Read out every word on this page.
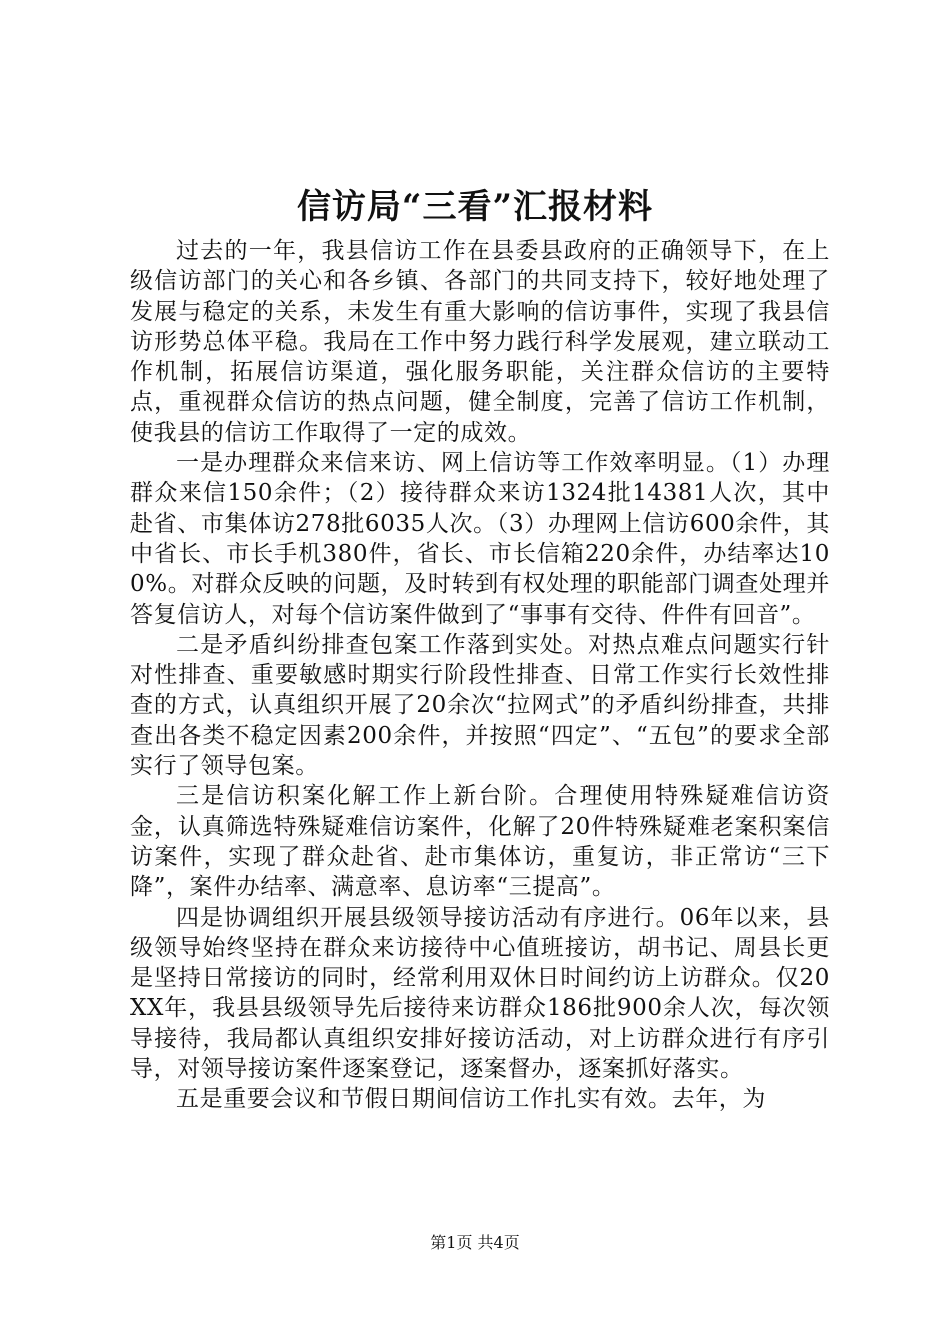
信访局“三看”汇报材料

过去的一年，我县信访工作在县委县政府的正确领导下，在上级信访部门的关心和各乡镇、各部门的共同支持下，较好地处理了发展与稳定的关系，未发生有重大影响的信访事件，实现了我县信访形势总体平稳。我局在工作中努力践行科学发展观，建立联动工作机制，拓展信访渠道，强化服务职能，关注群众信访的主要特点，重视群众信访的热点问题，健全制度，完善了信访工作机制，使我县的信访工作取得了一定的成效。

一是办理群众来信来访、网上信访等工作效率明显。（1）办理群众来信150余件；（2）接待群众来访1324批14381人次，其中赴省、市集体访278批6035人次。（3）办理网上信访600余件，其中省长、市长手机380件，省长、市长信箱220余件，办结率达100%。对群众反映的问题，及时转到有权处理的职能部门调查处理并答复信访人，对每个信访案件做到了“事事有交待、件件有回音”。

二是矛盾纠纷排查包案工作落到实处。对热点难点问题实行针对性排查、重要敏感时期实行阶段性排查、日常工作实行长效性排查的方式，认真组织开展了20余次“拉网式”的矛盾纠纷排查，共排查出各类不稳定因素200余件，并按照“四定”、“五包”的要求全部实行了领导包案。

三是信访积案化解工作上新台阶。合理使用特殊疑难信访资金，认真筛选特殊疑难信访案件，化解了20件特殊疑难老案积案信访案件，实现了群众赴省、赴市集体访，重复访，非正常访“三下降”，案件办结率、满意率、息访率“三提高”。

四是协调组织开展县级领导接访活动有序进行。06年以来，县级领导始终坚持在群众来访接待中心值班接访，胡书记、周县长更是坚持日常接访的同时，经常利用双休日时间约访上访群众。仅20XX年，我县县级领导先后接待来访群众186批900余人次，每次领导接待，我局都认真组织安排好接访活动，对上访群众进行有序引导，对领导接访案件逐案登记，逐案督办，逐案抓好落实。

五是重要会议和节假日期间信访工作扎实有效。去年，为

第1页 共4页
